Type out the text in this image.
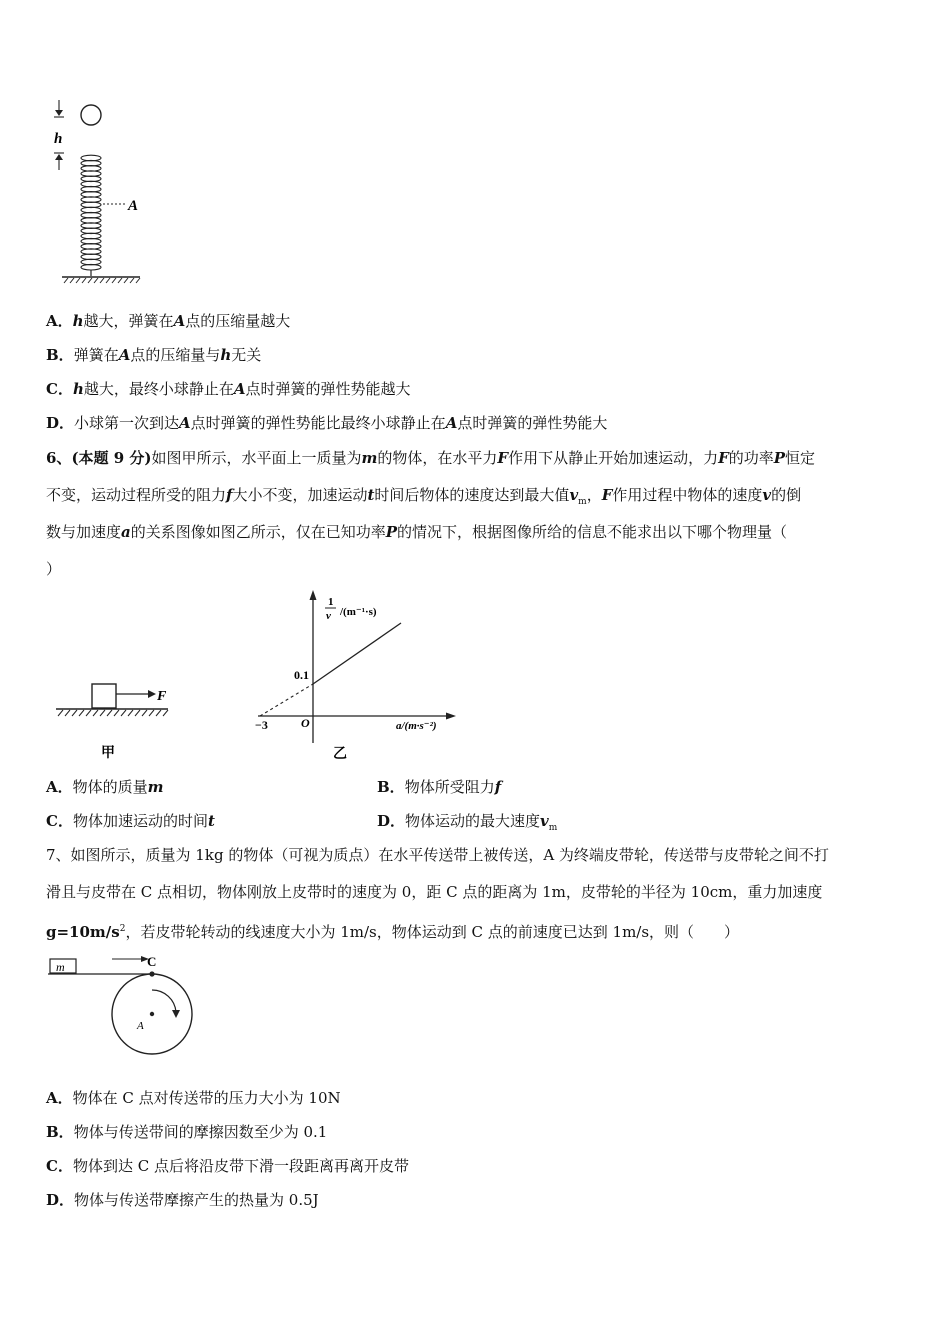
h
A
A．h越大，弹簧在A点的压缩量越大
B．弹簧在A点的压缩量与h无关
C．h越大，最终小球静止在A点时弹簧的弹性势能越大
D．小球第一次到达A点时弹簧的弹性势能比最终小球静止在A点时弹簧的弹性势能大
6、(本题 9 分)如图甲所示，水平面上一质量为m的物体，在水平力F作用下从静止开始加速运动，力F的功率P恒定
不变，运动过程所受的阻力f大小不变，加速运动t时间后物体的速度达到最大值$v_m$，F作用过程中物体的速度v的倒
数与加速度a的关系图像如图乙所示，仅在已知功率P的情况下，根据图像所给的信息不能求出以下哪个物理量（
）
F
甲
1
v /(m⁻¹·s)
0.1
−3	O	a/(m·s⁻²)
乙
A．物体的质量m	B．物体所受阻力f
C．物体加速运动的时间t	D．物体运动的最大速度$v_m$
7、如图所示，质量为 1kg 的物体（可视为质点）在水平传送带上被传送，A 为终端皮带轮，传送带与皮带轮之间不打
滑且与皮带在 C 点相切，物体刚放上皮带时的速度为 0，距 C 点的距离为 1m，皮带轮的半径为 10cm，重力加速度
$g=10m/s^2$，若皮带轮转动的线速度大小为 1m/s，物体运动到 C 点的前速度已达到 1m/s，则（　　）
m	C
A
A．物体在 C 点对传送带的压力大小为 10N
B．物体与传送带间的摩擦因数至少为 0.1
C．物体到达 C 点后将沿皮带下滑一段距离再离开皮带
D．物体与传送带摩擦产生的热量为 0.5J
